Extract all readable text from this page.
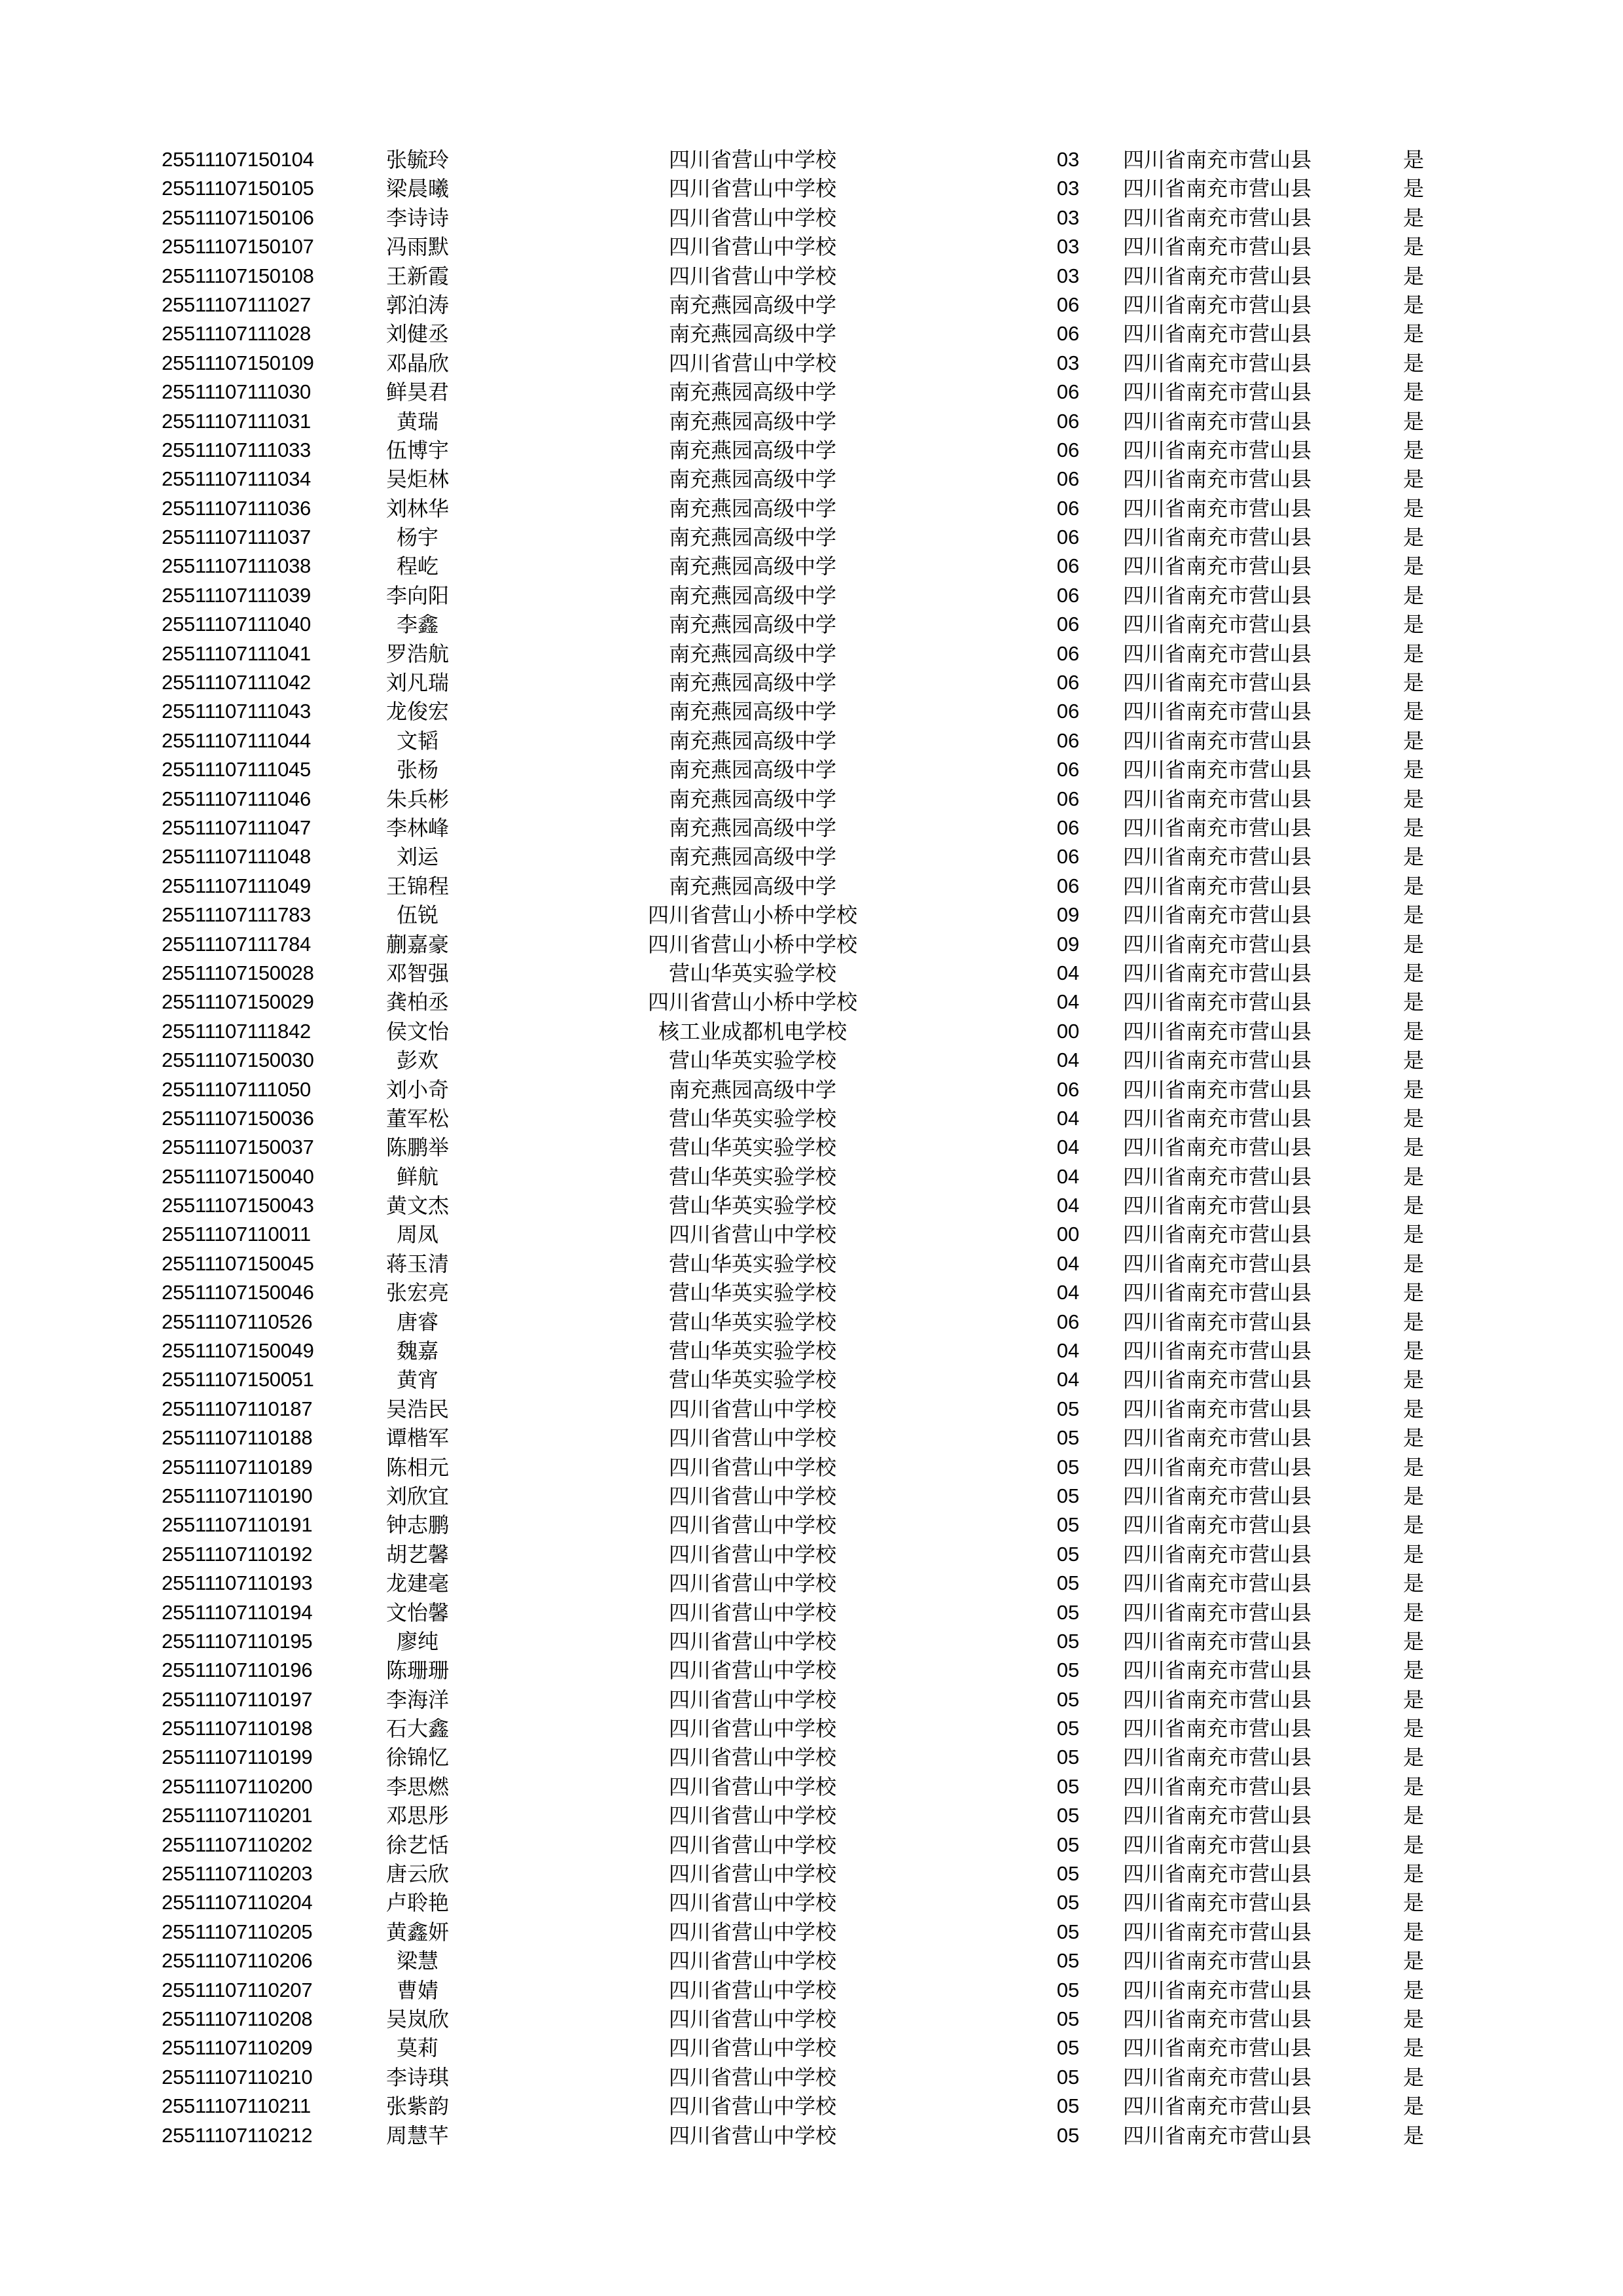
25511107150104	张毓玲	四川省营山中学校	03	四川省南充市营山县	是
25511107150105	梁晨曦	四川省营山中学校	03	四川省南充市营山县	是
25511107150106	李诗诗	四川省营山中学校	03	四川省南充市营山县	是
25511107150107	冯雨默	四川省营山中学校	03	四川省南充市营山县	是
25511107150108	王新霞	四川省营山中学校	03	四川省南充市营山县	是
25511107111027	郭泊涛	南充燕园高级中学	06	四川省南充市营山县	是
25511107111028	刘健丞	南充燕园高级中学	06	四川省南充市营山县	是
25511107150109	邓晶欣	四川省营山中学校	03	四川省南充市营山县	是
25511107111030	鲜昊君	南充燕园高级中学	06	四川省南充市营山县	是
25511107111031	黄瑞	南充燕园高级中学	06	四川省南充市营山县	是
25511107111033	伍博宇	南充燕园高级中学	06	四川省南充市营山县	是
25511107111034	吴炬林	南充燕园高级中学	06	四川省南充市营山县	是
25511107111036	刘林华	南充燕园高级中学	06	四川省南充市营山县	是
25511107111037	杨宇	南充燕园高级中学	06	四川省南充市营山县	是
25511107111038	程屹	南充燕园高级中学	06	四川省南充市营山县	是
25511107111039	李向阳	南充燕园高级中学	06	四川省南充市营山县	是
25511107111040	李鑫	南充燕园高级中学	06	四川省南充市营山县	是
25511107111041	罗浩航	南充燕园高级中学	06	四川省南充市营山县	是
25511107111042	刘凡瑞	南充燕园高级中学	06	四川省南充市营山县	是
25511107111043	龙俊宏	南充燕园高级中学	06	四川省南充市营山县	是
25511107111044	文韬	南充燕园高级中学	06	四川省南充市营山县	是
25511107111045	张杨	南充燕园高级中学	06	四川省南充市营山县	是
25511107111046	朱兵彬	南充燕园高级中学	06	四川省南充市营山县	是
25511107111047	李林峰	南充燕园高级中学	06	四川省南充市营山县	是
25511107111048	刘运	南充燕园高级中学	06	四川省南充市营山县	是
25511107111049	王锦程	南充燕园高级中学	06	四川省南充市营山县	是
25511107111783	伍锐	四川省营山小桥中学校	09	四川省南充市营山县	是
25511107111784	蒯嘉豪	四川省营山小桥中学校	09	四川省南充市营山县	是
25511107150028	邓智强	营山华英实验学校	04	四川省南充市营山县	是
25511107150029	龚柏丞	四川省营山小桥中学校	04	四川省南充市营山县	是
25511107111842	侯文怡	核工业成都机电学校	00	四川省南充市营山县	是
25511107150030	彭欢	营山华英实验学校	04	四川省南充市营山县	是
25511107111050	刘小奇	南充燕园高级中学	06	四川省南充市营山县	是
25511107150036	董军松	营山华英实验学校	04	四川省南充市营山县	是
25511107150037	陈鹏举	营山华英实验学校	04	四川省南充市营山县	是
25511107150040	鲜航	营山华英实验学校	04	四川省南充市营山县	是
25511107150043	黄文杰	营山华英实验学校	04	四川省南充市营山县	是
25511107110011	周凤	四川省营山中学校	00	四川省南充市营山县	是
25511107150045	蒋玉清	营山华英实验学校	04	四川省南充市营山县	是
25511107150046	张宏亮	营山华英实验学校	04	四川省南充市营山县	是
25511107110526	唐睿	营山华英实验学校	06	四川省南充市营山县	是
25511107150049	魏嘉	营山华英实验学校	04	四川省南充市营山县	是
25511107150051	黄宵	营山华英实验学校	04	四川省南充市营山县	是
25511107110187	吴浩民	四川省营山中学校	05	四川省南充市营山县	是
25511107110188	谭楷军	四川省营山中学校	05	四川省南充市营山县	是
25511107110189	陈相元	四川省营山中学校	05	四川省南充市营山县	是
25511107110190	刘欣宜	四川省营山中学校	05	四川省南充市营山县	是
25511107110191	钟志鹏	四川省营山中学校	05	四川省南充市营山县	是
25511107110192	胡艺馨	四川省营山中学校	05	四川省南充市营山县	是
25511107110193	龙建毫	四川省营山中学校	05	四川省南充市营山县	是
25511107110194	文怡馨	四川省营山中学校	05	四川省南充市营山县	是
25511107110195	廖纯	四川省营山中学校	05	四川省南充市营山县	是
25511107110196	陈珊珊	四川省营山中学校	05	四川省南充市营山县	是
25511107110197	李海洋	四川省营山中学校	05	四川省南充市营山县	是
25511107110198	石大鑫	四川省营山中学校	05	四川省南充市营山县	是
25511107110199	徐锦忆	四川省营山中学校	05	四川省南充市营山县	是
25511107110200	李思燃	四川省营山中学校	05	四川省南充市营山县	是
25511107110201	邓思彤	四川省营山中学校	05	四川省南充市营山县	是
25511107110202	徐艺恬	四川省营山中学校	05	四川省南充市营山县	是
25511107110203	唐云欣	四川省营山中学校	05	四川省南充市营山县	是
25511107110204	卢聆艳	四川省营山中学校	05	四川省南充市营山县	是
25511107110205	黄鑫妍	四川省营山中学校	05	四川省南充市营山县	是
25511107110206	梁慧	四川省营山中学校	05	四川省南充市营山县	是
25511107110207	曹婧	四川省营山中学校	05	四川省南充市营山县	是
25511107110208	吴岚欣	四川省营山中学校	05	四川省南充市营山县	是
25511107110209	莫莉	四川省营山中学校	05	四川省南充市营山县	是
25511107110210	李诗琪	四川省营山中学校	05	四川省南充市营山县	是
25511107110211	张紫韵	四川省营山中学校	05	四川省南充市营山县	是
25511107110212	周慧芊	四川省营山中学校	05	四川省南充市营山县	是
